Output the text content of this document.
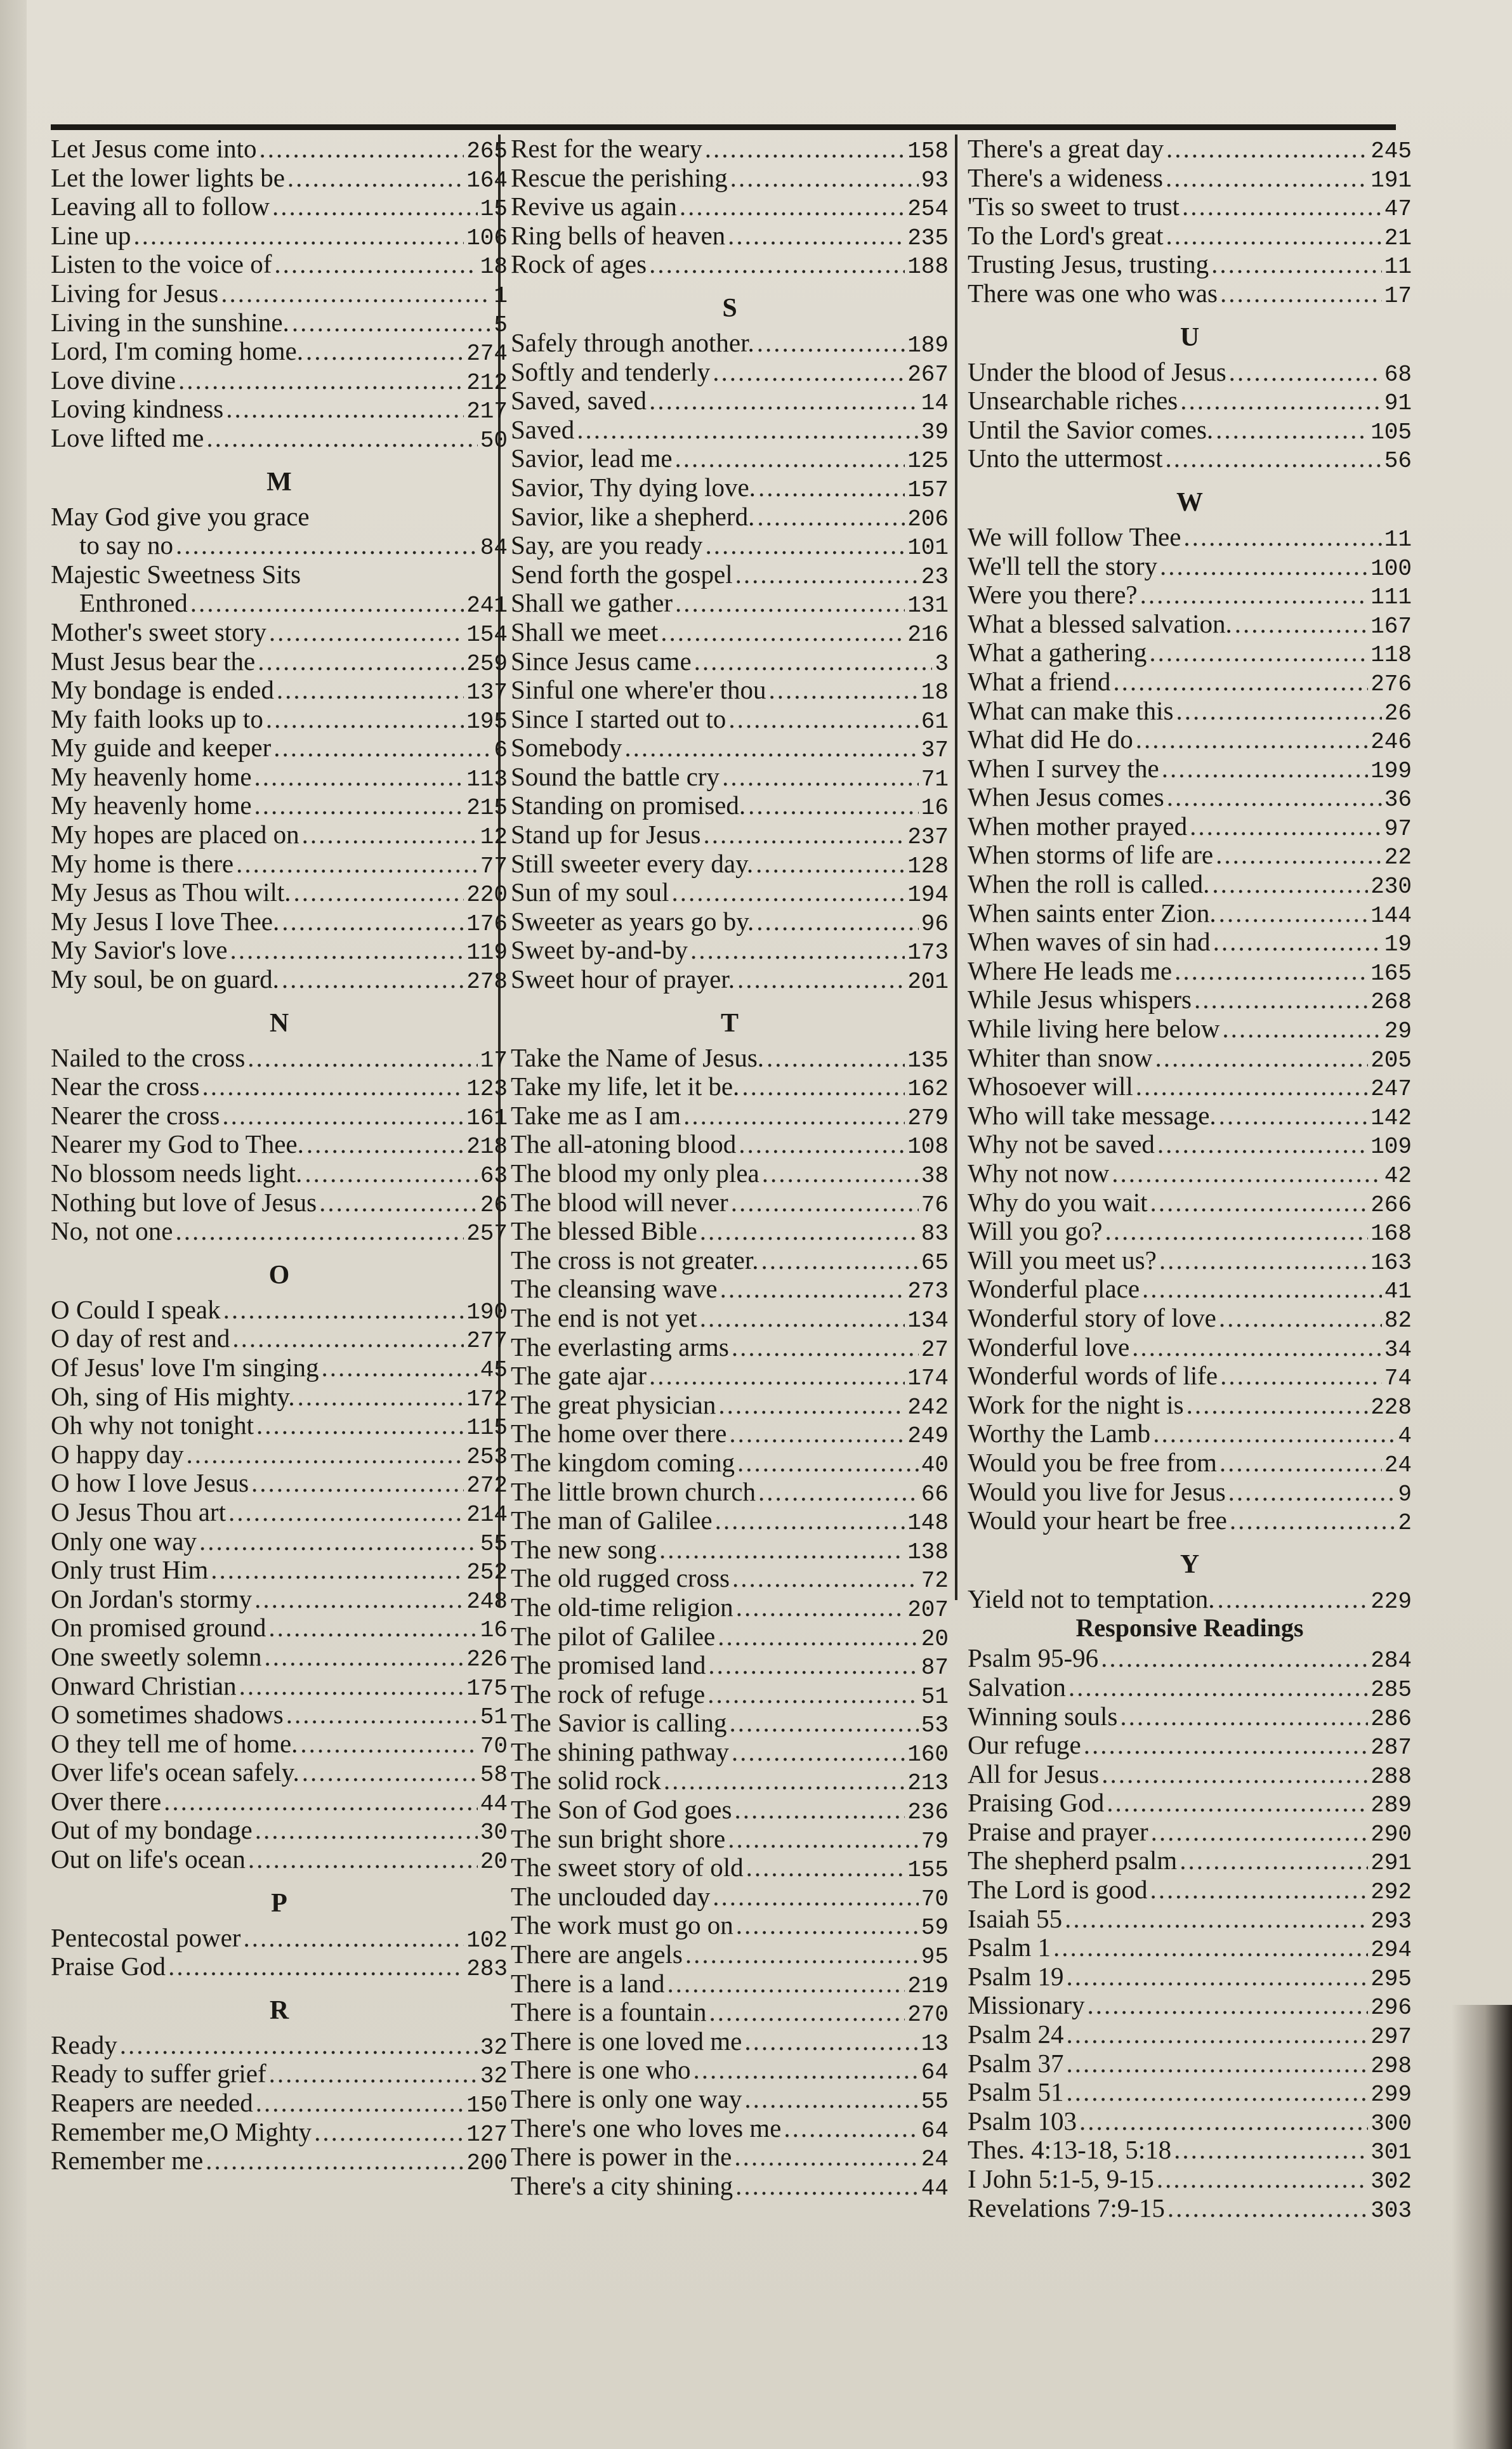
Let Jesus come into .....	265
Let the lower lights be .....	164
Leaving all to follow .....	15
Line up .....	106
Listen to the voice of .....	18
Living for Jesus .....	1
Living in the sunshine. .....	5
Lord, I'm coming home. .....	274
Love divine .....	212
Loving kindness .....	217
Love lifted me .....	50
M
May God give you grace
to say no .....	84
Majestic Sweetness Sits
Enthroned .....	241
Mother's sweet story .....	154
Must Jesus bear the .....	259
My bondage is ended .....	137
My faith looks up to .....	195
My guide and keeper .....	6
My heavenly home .....	113
My heavenly home .....	215
My hopes are placed on .....	12
My home is there .....	77
My Jesus as Thou wilt. .....	220
My Jesus I love Thee. .....	176
My Savior's love .....	119
My soul, be on guard. .....	278
N
Nailed to the cross .....	17
Near the cross .....	123
Nearer the cross .....	161
Nearer my God to Thee. .....	218
No blossom needs light. .....	63
Nothing but love of Jesus .....	26
No, not one .....	257
O
O Could I speak .....	190
O day of rest and .....	277
Of Jesus' love I'm singing .....	45
Oh, sing of His mighty. .....	172
Oh why not tonight .....	115
O happy day .....	253
O how I love Jesus .....	272
O Jesus Thou art .....	214
Only one way .....	55
Only trust Him .....	252
On Jordan's stormy .....	248
On promised ground .....	16
One sweetly solemn .....	226
Onward Christian .....	175
O sometimes shadows .....	51
O they tell me of home. .....	70
Over life's ocean safely. .....	58
Over there .....	44
Out of my bondage .....	30
Out on life's ocean .....	20
P
Pentecostal power .....	102
Praise God .....	283
R
Ready .....	32
Ready to suffer grief .....	32
Reapers are needed .....	150
Remember me,O Mighty .....	127
Remember me .....	200
Rest for the weary .....	158
Rescue the perishing .....	93
Revive us again .....	254
Ring bells of heaven .....	235
Rock of ages .....	188
S
Safely through another. .....	189
Softly and tenderly .....	267
Saved, saved .....	14
Saved .....	39
Savior, lead me .....	125
Savior, Thy dying love. .....	157
Savior, like a shepherd. .....	206
Say, are you ready .....	101
Send forth the gospel .....	23
Shall we gather .....	131
Shall we meet .....	216
Since Jesus came .....	3
Sinful one where'er thou .....	18
Since I started out to .....	61
Somebody .....	37
Sound the battle cry .....	71
Standing on promised. .....	16
Stand up for Jesus .....	237
Still sweeter every day. .....	128
Sun of my soul .....	194
Sweeter as years go by. .....	96
Sweet by-and-by .....	173
Sweet hour of prayer. .....	201
T
Take the Name of Jesus. .....	135
Take my life, let it be. .....	162
Take me as I am .....	279
The all-atoning blood .....	108
The blood my only plea .....	38
The blood will never .....	76
The blessed Bible .....	83
The cross is not greater. .....	65
The cleansing wave .....	273
The end is not yet .....	134
The everlasting arms .....	27
The gate ajar .....	174
The great physician .....	242
The home over there .....	249
The kingdom coming .....	40
The little brown church .....	66
The man of Galilee .....	148
The new song .....	138
The old rugged cross .....	72
The old-time religion .....	207
The pilot of Galilee .....	20
The promised land .....	87
The rock of refuge .....	51
The Savior is calling .....	53
The shining pathway .....	160
The solid rock .....	213
The Son of God goes .....	236
The sun bright shore .....	79
The sweet story of old .....	155
The unclouded day .....	70
The work must go on .....	59
There are angels .....	95
There is a land .....	219
There is a fountain .....	270
There is one loved me .....	13
There is one who .....	64
There is only one way .....	55
There's one who loves me .....	64
There is power in the .....	24
There's a city shining .....	44
There's a great day .....	245
There's a wideness .....	191
'Tis so sweet to trust .....	47
To the Lord's great .....	21
Trusting Jesus, trusting .....	11
There was one who was .....	17
U
Under the blood of Jesus .....	68
Unsearchable riches .....	91
Until the Savior comes. .....	105
Unto the uttermost .....	56
W
We will follow Thee .....	11
We'll tell the story .....	100
Were you there? .....	111
What a blessed salvation. .....	167
What a gathering .....	118
What a friend .....	276
What can make this .....	26
What did He do .....	246
When I survey the .....	199
When Jesus comes .....	36
When mother prayed .....	97
When storms of life are .....	22
When the roll is called. .....	230
When saints enter Zion. .....	144
When waves of sin had .....	19
Where He leads me .....	165
While Jesus whispers .....	268
While living here below .....	29
Whiter than snow .....	205
Whosoever will .....	247
Who will take message. .....	142
Why not be saved .....	109
Why not now .....	42
Why do you wait .....	266
Will you go? .....	168
Will you meet us? .....	163
Wonderful place .....	41
Wonderful story of love .....	82
Wonderful love .....	34
Wonderful words of life .....	74
Work for the night is .....	228
Worthy the Lamb .....	4
Would you be free from .....	24
Would you live for Jesus .....	9
Would your heart be free .....	2
Y
Yield not to temptation. .....	229
Responsive Readings
Psalm 95-96 .....	284
Salvation .....	285
Winning souls .....	286
Our refuge .....	287
All for Jesus .....	288
Praising God .....	289
Praise and prayer .....	290
The shepherd psalm .....	291
The Lord is good .....	292
Isaiah 55 .....	293
Psalm 1 .....	294
Psalm 19 .....	295
Missionary .....	296
Psalm 24 .....	297
Psalm 37 .....	298
Psalm 51 .....	299
Psalm 103 .....	300
Thes. 4:13-18, 5:18 .....	301
I John 5:1-5, 9-15 .....	302
Revelations 7:9-15 .....	303
